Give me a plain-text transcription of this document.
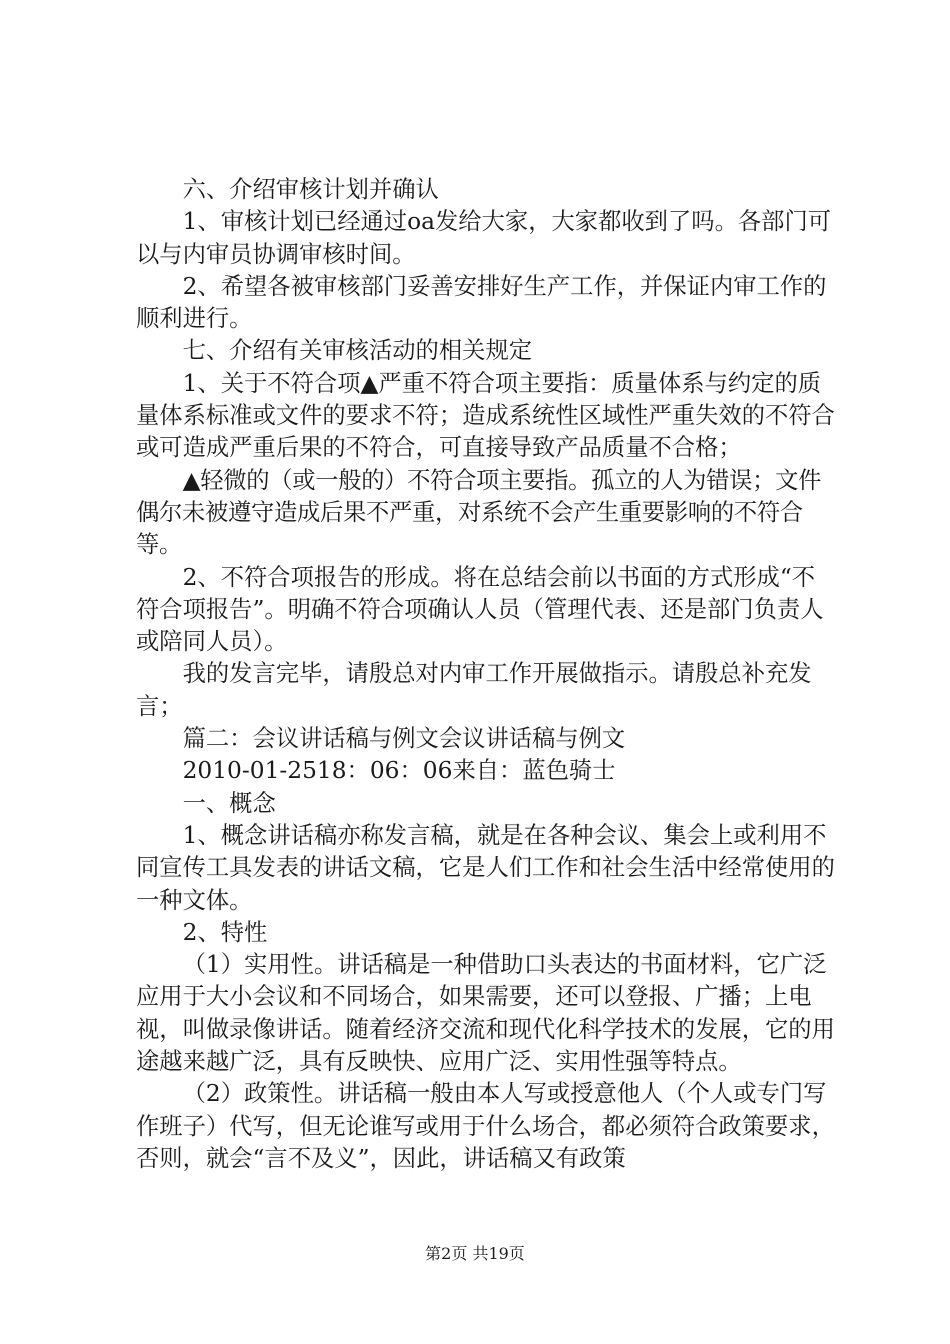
六、介绍审核计划并确认

1、审核计划已经通过oa发给大家，大家都收到了吗。各部门可以与内审员协调审核时间。

2、希望各被审核部门妥善安排好生产工作，并保证内审工作的顺利进行。

七、介绍有关审核活动的相关规定

1、关于不符合项▲严重不符合项主要指：质量体系与约定的质量体系标准或文件的要求不符；造成系统性区域性严重失效的不符合或可造成严重后果的不符合，可直接导致产品质量不合格；

▲轻微的（或一般的）不符合项主要指。孤立的人为错误；文件偶尔未被遵守造成后果不严重，对系统不会产生重要影响的不符合等。

2、不符合项报告的形成。将在总结会前以书面的方式形成“不符合项报告”。明确不符合项确认人员（管理代表、还是部门负责人或陪同人员）。

我的发言完毕，请殷总对内审工作开展做指示。请殷总补充发言；

篇二：会议讲话稿与例文会议讲话稿与例文

2010-01-2518：06：06来自：蓝色骑士

一、概念

1、概念讲话稿亦称发言稿，就是在各种会议、集会上或利用不同宣传工具发表的讲话文稿，它是人们工作和社会生活中经常使用的一种文体。

2、特性

（1）实用性。讲话稿是一种借助口头表达的书面材料，它广泛应用于大小会议和不同场合，如果需要，还可以登报、广播；上电视，叫做录像讲话。随着经济交流和现代化科学技术的发展，它的用途越来越广泛，具有反映快、应用广泛、实用性强等特点。

（2）政策性。讲话稿一般由本人写或授意他人（个人或专门写作班子）代写，但无论谁写或用于什么场合，都必须符合政策要求，否则，就会“言不及义”，因此，讲话稿又有政策

第2页 共19页
